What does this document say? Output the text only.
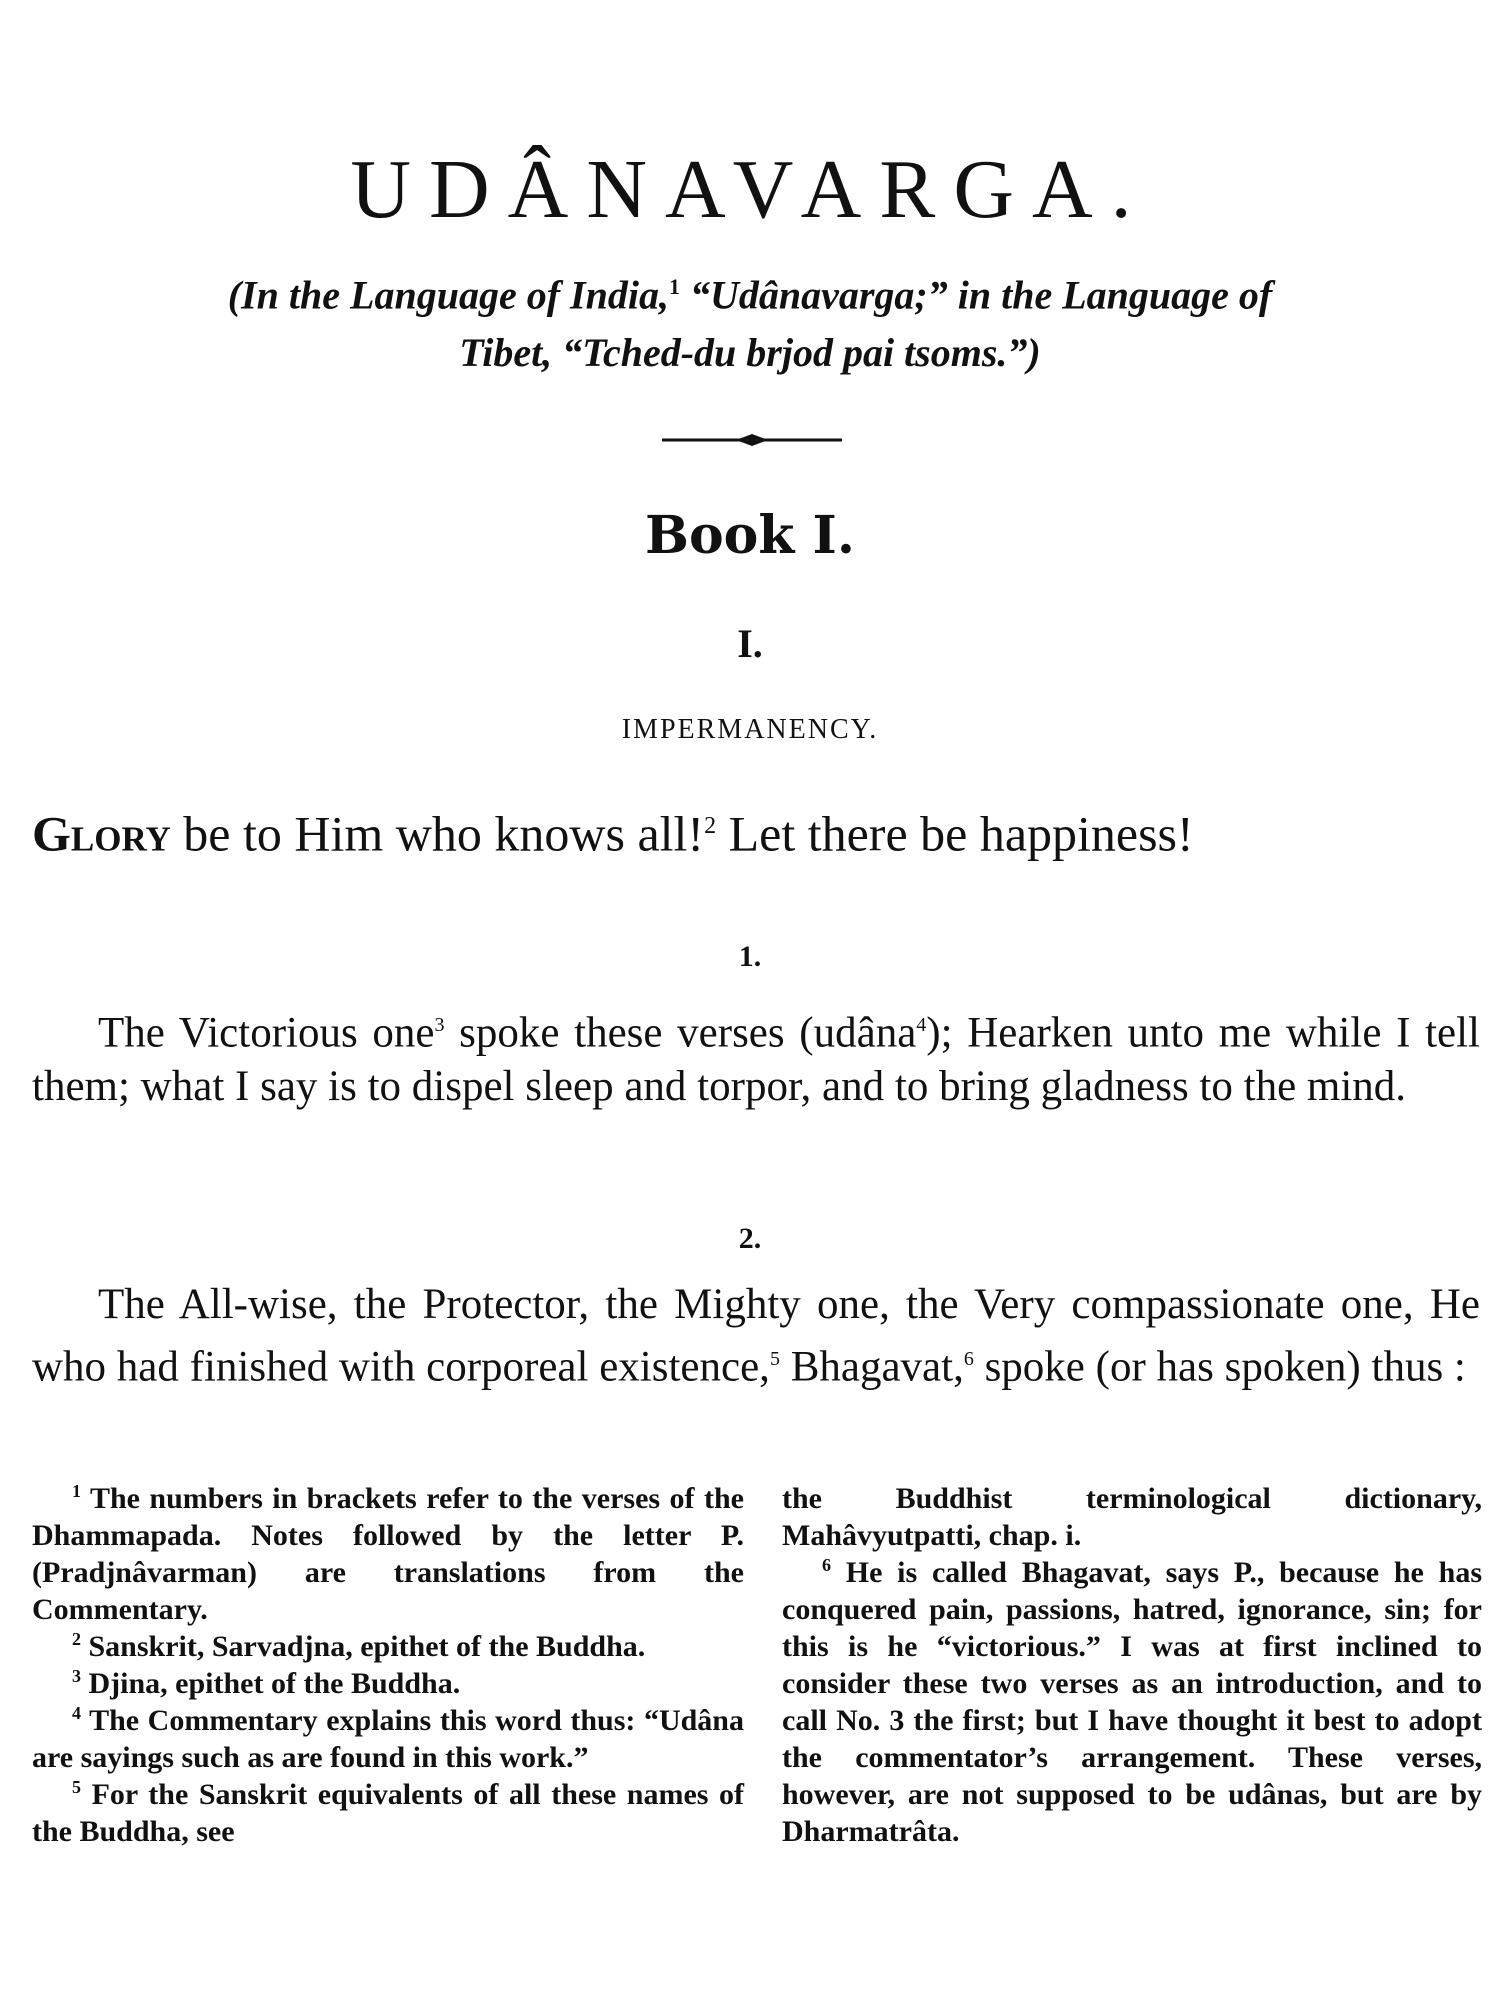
UDÂNAVARGA.
(In the Language of India,$^1$ “Udânavarga;” in the Language of
Tibet, “Tched-du brjod pai tsoms.”)
Book I.
I.
IMPERMANENCY.
Glory be to Him who knows all!$^2$ Let there be happiness!
1.
The Victorious one$^3$ spoke these verses (udâna$^4$); Hearken unto me while I tell them; what I say is to dispel sleep and torpor, and to bring gladness to the mind.
2.
The All-wise, the Protector, the Mighty one, the Very compassionate one, He who had finished with corporeal existence,$^5$ Bhagavat,$^6$ spoke (or has spoken) thus :

$^1$ The numbers in brackets refer to the verses of the Dhammapada. Notes followed by the letter P. (Pradjnâvarman) are translations from the Commentary.

$^2$ Sanskrit, Sarvadjna, epithet of the Buddha.

$^3$ Djina, epithet of the Buddha.

$^4$ The Commentary explains this word thus: “Udâna are sayings such as are found in this work.”

$^5$ For the Sanskrit equivalents of all these names of the Buddha, see

the Buddhist terminological dictionary, Mahâvyutpatti, chap. i.

$^6$ He is called Bhagavat, says P., because he has conquered pain, passions, hatred, ignorance, sin; for this is he “victorious.” I was at first inclined to consider these two verses as an introduction, and to call No. 3 the first; but I have thought it best to adopt the commentator’s arrangement. These verses, however, are not supposed to be udânas, but are by Dharmatrâta.
